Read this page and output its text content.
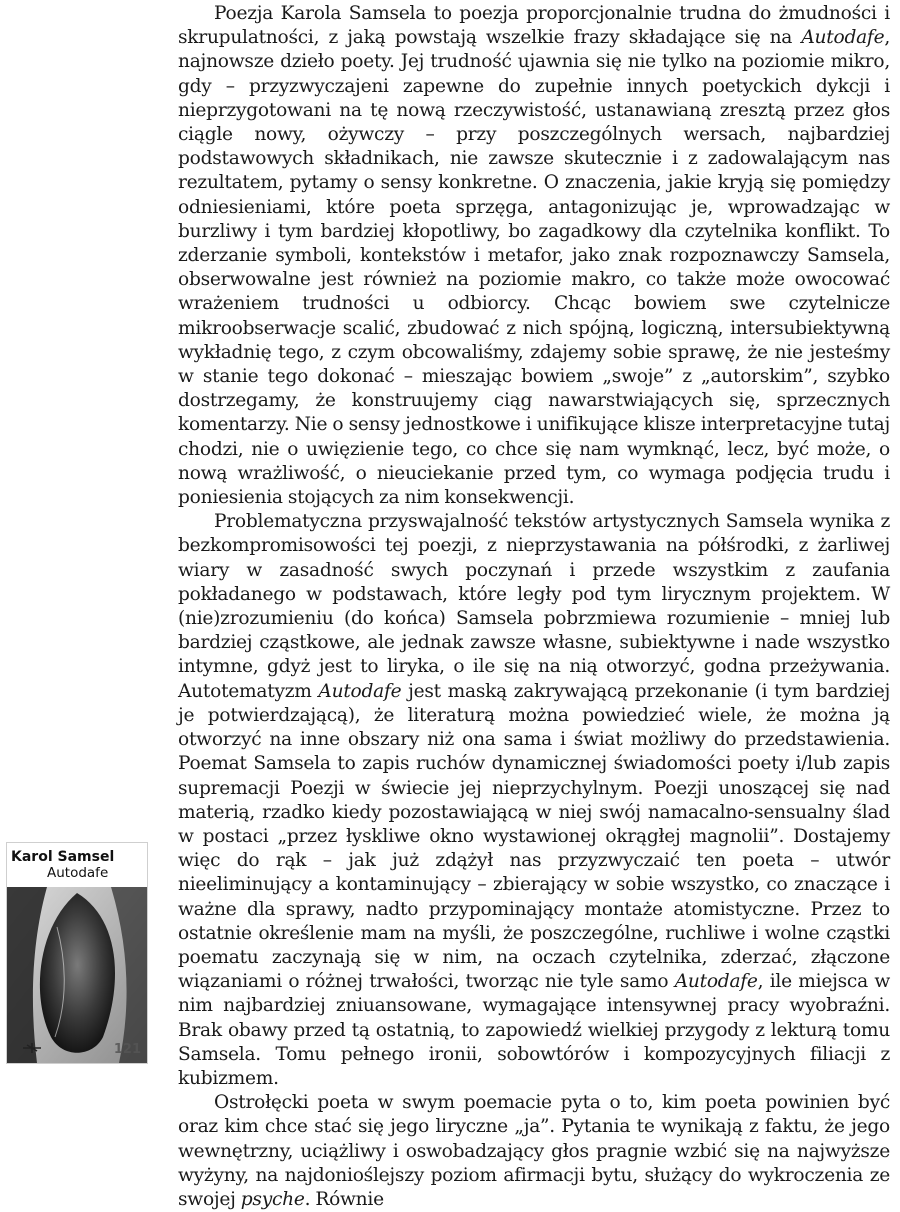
Poezja Karola Samsela to poezja proporcjonalnie trudna do żmudności i skrupulatności, z jaką powstają wszelkie frazy składające się na Autodafe, najnowsze dzieło poety. Jej trudność ujawnia się nie tylko na poziomie mikro, gdy – przyzwyczajeni zapewne do zupełnie innych poetyckich dykcji i nieprzygotowani na tę nową rzeczywistość, ustanawianą zresztą przez głos ciągle nowy, ożywczy – przy poszczególnych wersach, najbardziej podstawowych składnikach, nie zawsze skutecznie i z zadowalającym nas rezultatem, pytamy o sensy konkretne. O znaczenia, jakie kryją się pomiędzy odniesieniami, które poeta sprzęga, antagonizując je, wprowadzając w burzliwy i tym bardziej kłopotliwy, bo zagadkowy dla czytelnika konflikt. To zderzanie symboli, kontekstów i metafor, jako znak rozpoznawczy Samsela, obserwowalne jest również na poziomie makro, co także może owocować wrażeniem trudności u odbiorcy. Chcąc bowiem swe czytelnicze mikroobserwacje scalić, zbudować z nich spójną, logiczną, intersubiektywną wykładnię tego, z czym obcowaliśmy, zdajemy sobie sprawę, że nie jesteśmy w stanie tego dokonać – mieszając bowiem „swoje” z „autorskim”, szybko dostrzegamy, że konstruujemy ciąg nawarstwiających się, sprzecznych komentarzy. Nie o sensy jednostkowe i unifikujące klisze interpretacyjne tutaj chodzi, nie o uwięzienie tego, co chce się nam wymknąć, lecz, być może, o nową wrażliwość, o nieuciekanie przed tym, co wymaga podjęcia trudu i poniesienia stojących za nim konsekwencji.

Problematyczna przyswajalność tekstów artystycznych Samsela wynika z bezkompromisowości tej poezji, z nieprzystawania na półśrodki, z żarliwej wiary w zasadność swych poczynań i przede wszystkim z zaufania pokładanego w podstawach, które legły pod tym lirycznym projektem. W (nie)zrozumieniu (do końca) Samsela pobrzmiewa rozumienie – mniej lub bardziej cząstkowe, ale jednak zawsze własne, subiektywne i nade wszystko intymne, gdyż jest to liryka, o ile się na nią otworzyć, godna przeżywania. Autotematyzm Autodafe jest maską zakrywającą przekonanie (i tym bardziej je potwierdzającą), że literaturą można powiedzieć wiele, że można ją otworzyć na inne obszary niż ona sama i świat możliwy do przedstawienia. Poemat Samsela to zapis ruchów dynamicznej świadomości poety i/lub zapis supremacji Poezji w świecie jej nieprzychylnym. Poezji unoszącej się nad materią, rzadko kiedy pozostawiającą w niej swój namacalno-sensualny ślad w postaci „przez łyskliwe okno wystawionej okrągłej magnolii”. Dostajemy więc do rąk – jak już zdążył nas przyzwyczaić ten poeta – utwór nieeliminujący a kontaminujący – zbierający w sobie wszystko, co znaczące i ważne dla sprawy, nadto przypominający montaże atomistyczne. Przez to ostatnie określenie mam na myśli, że poszczególne, ruchliwe i wolne cząstki poematu zaczynają się w nim, na oczach czytelnika, zderzać, złączone wiązaniami o różnej trwałości, tworząc nie tyle samo Autodafe, ile miejsca w nim najbardziej zniuansowane, wymagające intensywnej pracy wyobraźni. Brak obawy przed tą ostatnią, to zapowiedź wielkiej przygody z lekturą tomu Samsela. Tomu pełnego ironii, sobowtórów i kompozycyjnych filiacji z kubizmem.

Ostrołęcki poeta w swym poemacie pyta o to, kim poeta powinien być oraz kim chce stać się jego liryczne „ja”. Pytania te wynikają z faktu, że jego wewnętrzny, uciążliwy i oswobadzający głos pragnie wzbić się na najwyższe wyżyny, na najdonioślejszy poziom afirmacji bytu, służący do wykroczenia ze swojej psyche. Równie

Karol Samsel
Autodafe
121
